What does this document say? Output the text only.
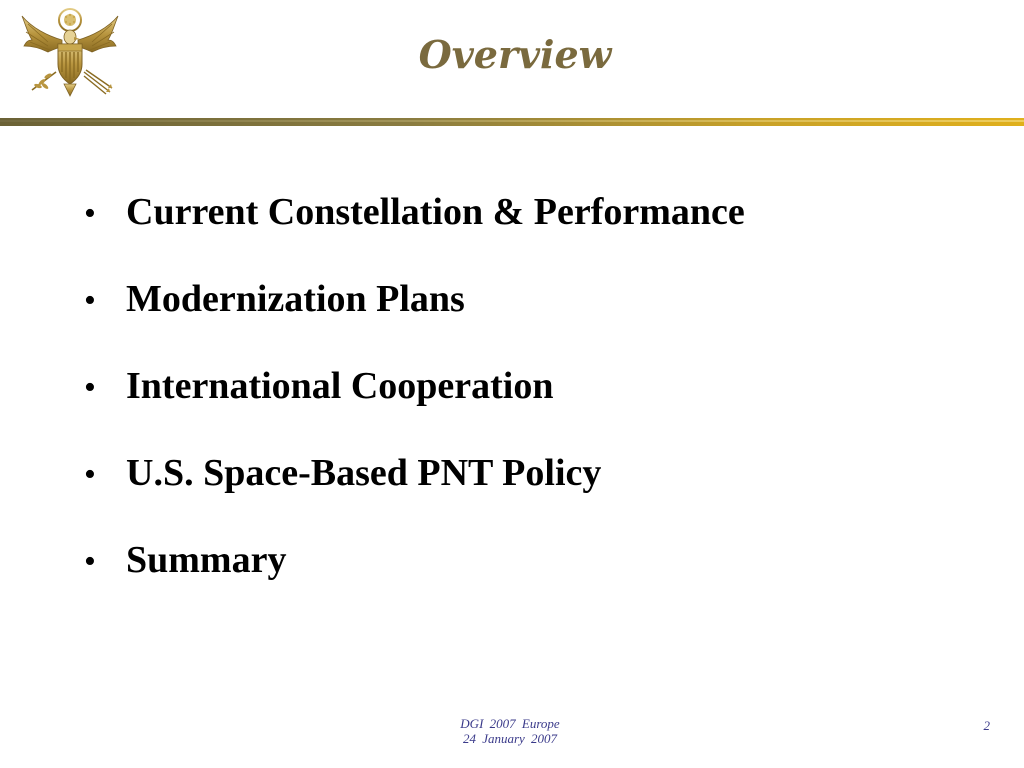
Overview
• Current Constellation & Performance
• Modernization Plans
• International Cooperation
• U.S. Space-Based PNT Policy
• Summary
DGI 2007 Europe
24 January 2007
2
